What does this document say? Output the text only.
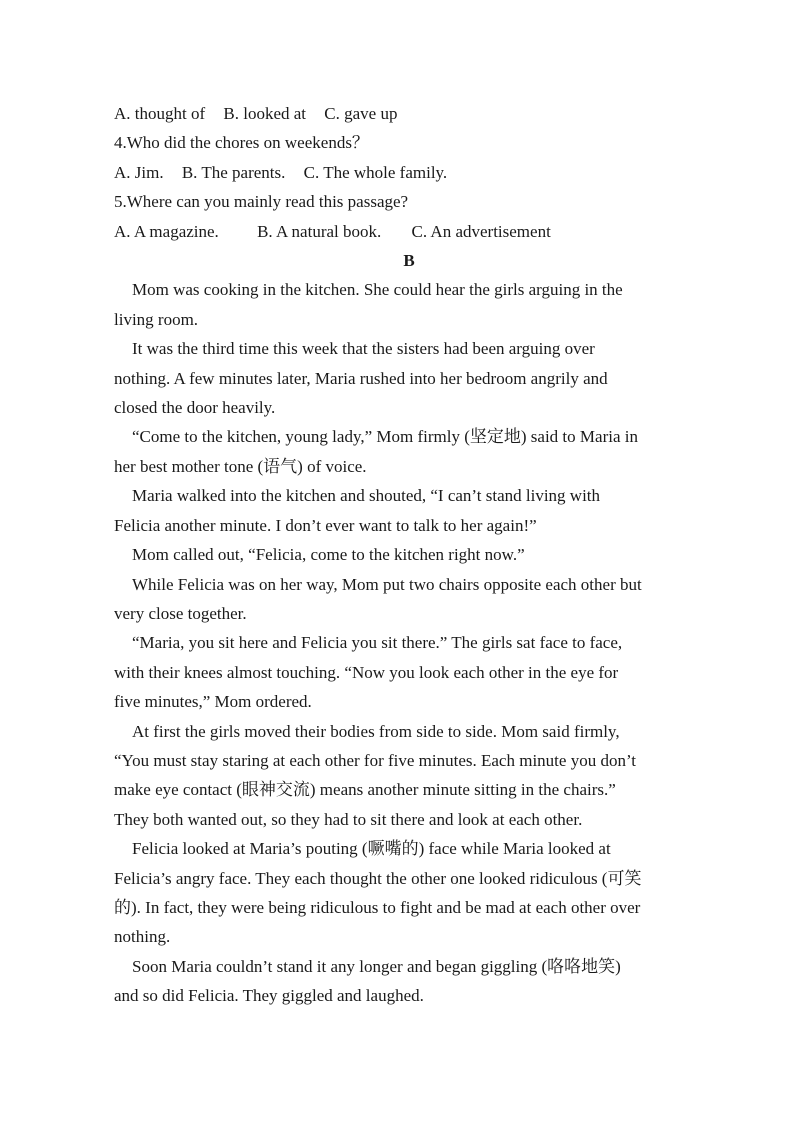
A. thought of B. looked at C. gave up

4.Who did the chores on weekends？

A. Jim. B. The parents. C. The whole family.

5.Where can you mainly read this passage?

A. A magazine. B. A natural book. C. An advertisement

B

Mom was cooking in the kitchen. She could hear the girls arguing in the
living room.
It was the third time this week that the sisters had been arguing over
nothing. A few minutes later, Maria rushed into her bedroom angrily and
closed the door heavily.
“Come to the kitchen, young lady,” Mom firmly (坚定地) said to Maria in
her best mother tone (语气) of voice.
Maria walked into the kitchen and shouted, “I can’t stand living with
Felicia another minute. I don’t ever want to talk to her again!”
Mom called out, “Felicia, come to the kitchen right now.”
While Felicia was on her way, Mom put two chairs opposite each other but
very close together.
“Maria, you sit here and Felicia you sit there.” The girls sat face to face,
with their knees almost touching. “Now you look each other in the eye for
five minutes,” Mom ordered.
At first the girls moved their bodies from side to side. Mom said firmly,
“You must stay staring at each other for five minutes. Each minute you don’t
make eye contact (眼神交流) means another minute sitting in the chairs.”
They both wanted out, so they had to sit there and look at each other.
Felicia looked at Maria’s pouting (噘嘴的) face while Maria looked at
Felicia’s angry face. They each thought the other one looked ridiculous (可笑
的). In fact, they were being ridiculous to fight and be mad at each other over
nothing.
Soon Maria couldn’t stand it any longer and began giggling (咯咯地笑)
and so did Felicia. They giggled and laughed.
